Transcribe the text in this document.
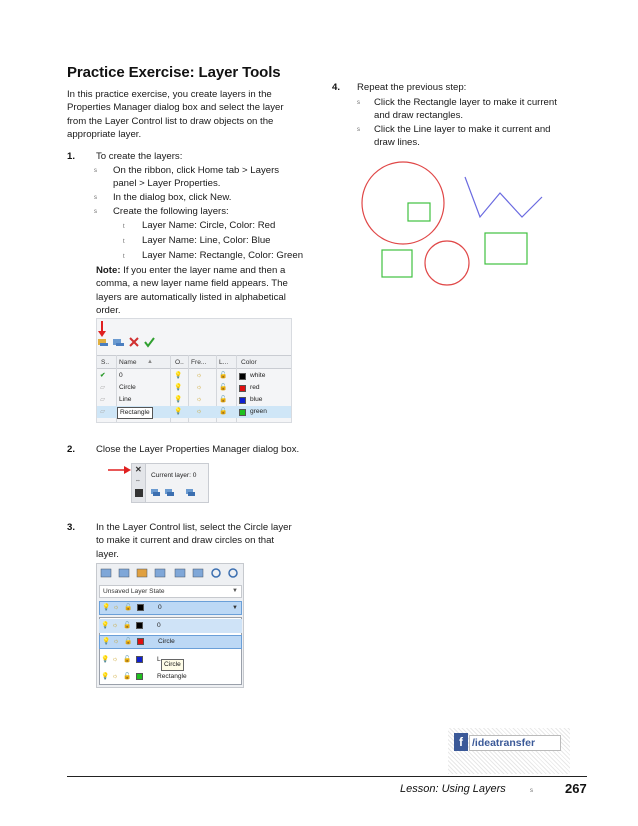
Practice Exercise: Layer Tools
In this practice exercise, you create layers in the
Properties Manager dialog box and select the layer
from the Layer Control list to draw objects on the
appropriate layer.
1. To create the layers:
s On the ribbon, click Home tab > Layers
panel > Layer Properties.
s In the dialog box, click New.
s Create the following layers:
t Layer Name: Circle, Color: Red
t Layer Name: Line, Color: Blue
t Layer Name: Rectangle, Color: Green
Note: If you enter the layer name and then a
comma, a new layer name field appears. The
layers are automatically listed in alphabetical
order.
S.. Name ▲	O.. Fre... L... Color
✔ 0	💡 ☼	🔓	white
▱ Circle	💡 ☼	🔓	red
▱ Line	💡 ☼	🔓	blue
▱	Rectangle	💡 ☼	🔓	green
2. Close the Layer Properties Manager dialog box.
✕
⇔
Current layer: 0
3. In the Layer Control list, select the Circle layer
to make it current and draw circles on that
layer.
Unsaved Layer State	▼
💡 ☼ 🔓	0	▼
💡 ☼ 🔓	0
💡 ☼ 🔓	Circle
💡 ☼ 🔓	L
Circle
💡 ☼ 🔓	Rectangle
4. Repeat the previous step:
s Click the Rectangle layer to make it current
and draw rectangles.
s Click the Line layer to make it current and
draw lines.
f /ideatransfer
Lesson: Using Layers	s 267
